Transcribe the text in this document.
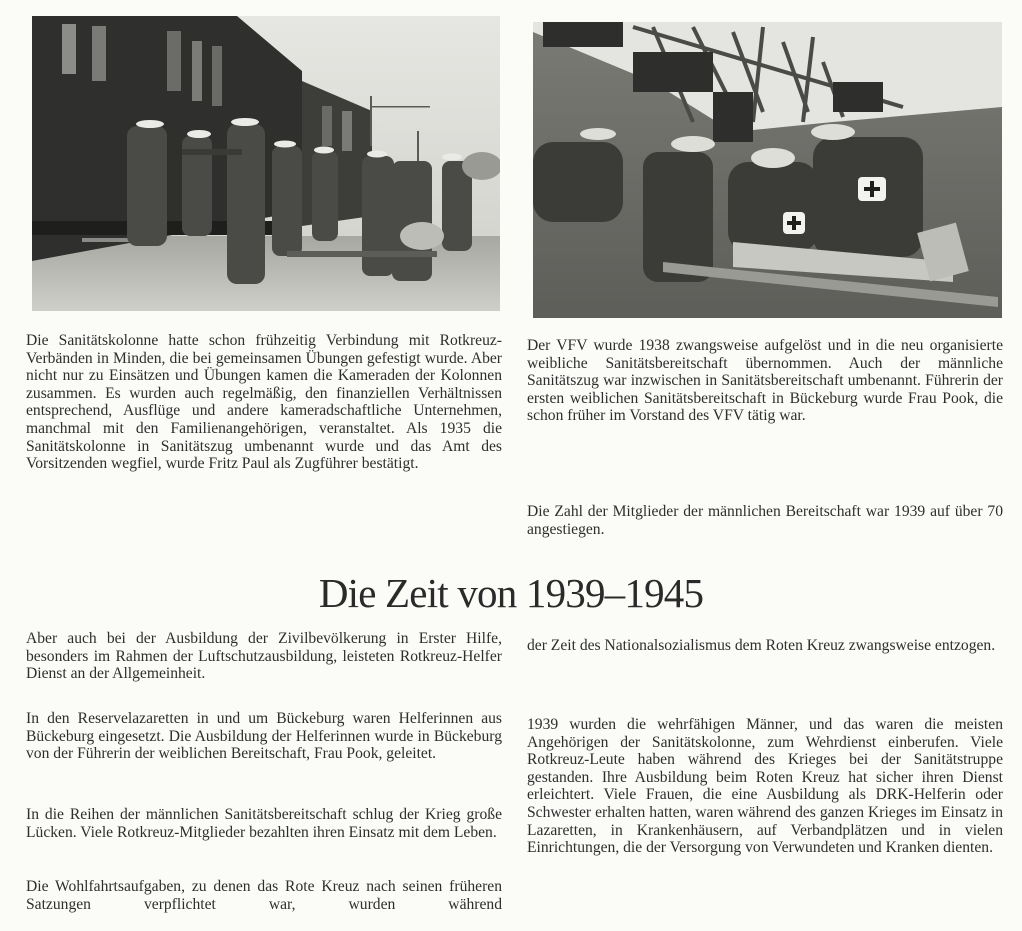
Die Sanitätskolonne hatte schon frühzeitig Verbindung mit Rotkreuz-Verbänden in Minden, die bei gemeinsamen Übungen gefestigt wurde. Aber nicht nur zu Einsätzen und Übungen kamen die Kameraden der Kolonnen zusammen. Es wurden auch regelmäßig, den finanziellen Verhältnissen entsprechend, Ausflüge und andere kameradschaftliche Unternehmen, manchmal mit den Familienangehörigen, veranstaltet. Als 1935 die Sanitätskolonne in Sanitätszug umbenannt wurde und das Amt des Vorsitzenden wegfiel, wurde Fritz Paul als Zugführer bestätigt.

Der VFV wurde 1938 zwangsweise aufgelöst und in die neu organisierte weibliche Sanitätsbereitschaft übernommen. Auch der männliche Sanitätszug war inzwischen in Sanitätsbereitschaft umbenannt. Führerin der ersten weiblichen Sanitätsbereitschaft in Bückeburg wurde Frau Pook, die schon früher im Vorstand des VFV tätig war.

Die Zahl der Mitglieder der männlichen Bereitschaft war 1939 auf über 70 angestiegen.

Die Zeit von 1939–1945

Aber auch bei der Ausbildung der Zivilbevölkerung in Erster Hilfe, besonders im Rahmen der Luftschutzausbildung, leisteten Rotkreuz-Helfer Dienst an der Allgemeinheit.

In den Reservelazaretten in und um Bückeburg waren Helferinnen aus Bückeburg eingesetzt. Die Ausbildung der Helferinnen wurde in Bückeburg von der Führerin der weiblichen Bereitschaft, Frau Pook, geleitet.

In die Reihen der männlichen Sanitätsbereitschaft schlug der Krieg große Lücken. Viele Rotkreuz-Mitglieder bezahlten ihren Einsatz mit dem Leben.

Die Wohlfahrtsaufgaben, zu denen das Rote Kreuz nach seinen früheren Satzungen verpflichtet war, wurden während

der Zeit des Nationalsozialismus dem Roten Kreuz zwangsweise entzogen.

1939 wurden die wehrfähigen Männer, und das waren die meisten Angehörigen der Sanitätskolonne, zum Wehrdienst einberufen. Viele Rotkreuz-Leute haben während des Krieges bei der Sanitätstruppe gestanden. Ihre Ausbildung beim Roten Kreuz hat sicher ihren Dienst erleichtert. Viele Frauen, die eine Ausbildung als DRK-Helferin oder Schwester erhalten hatten, waren während des ganzen Krieges im Einsatz in Lazaretten, in Krankenhäusern, auf Verbandplätzen und in vielen Einrichtungen, die der Versorgung von Verwundeten und Kranken dienten.
